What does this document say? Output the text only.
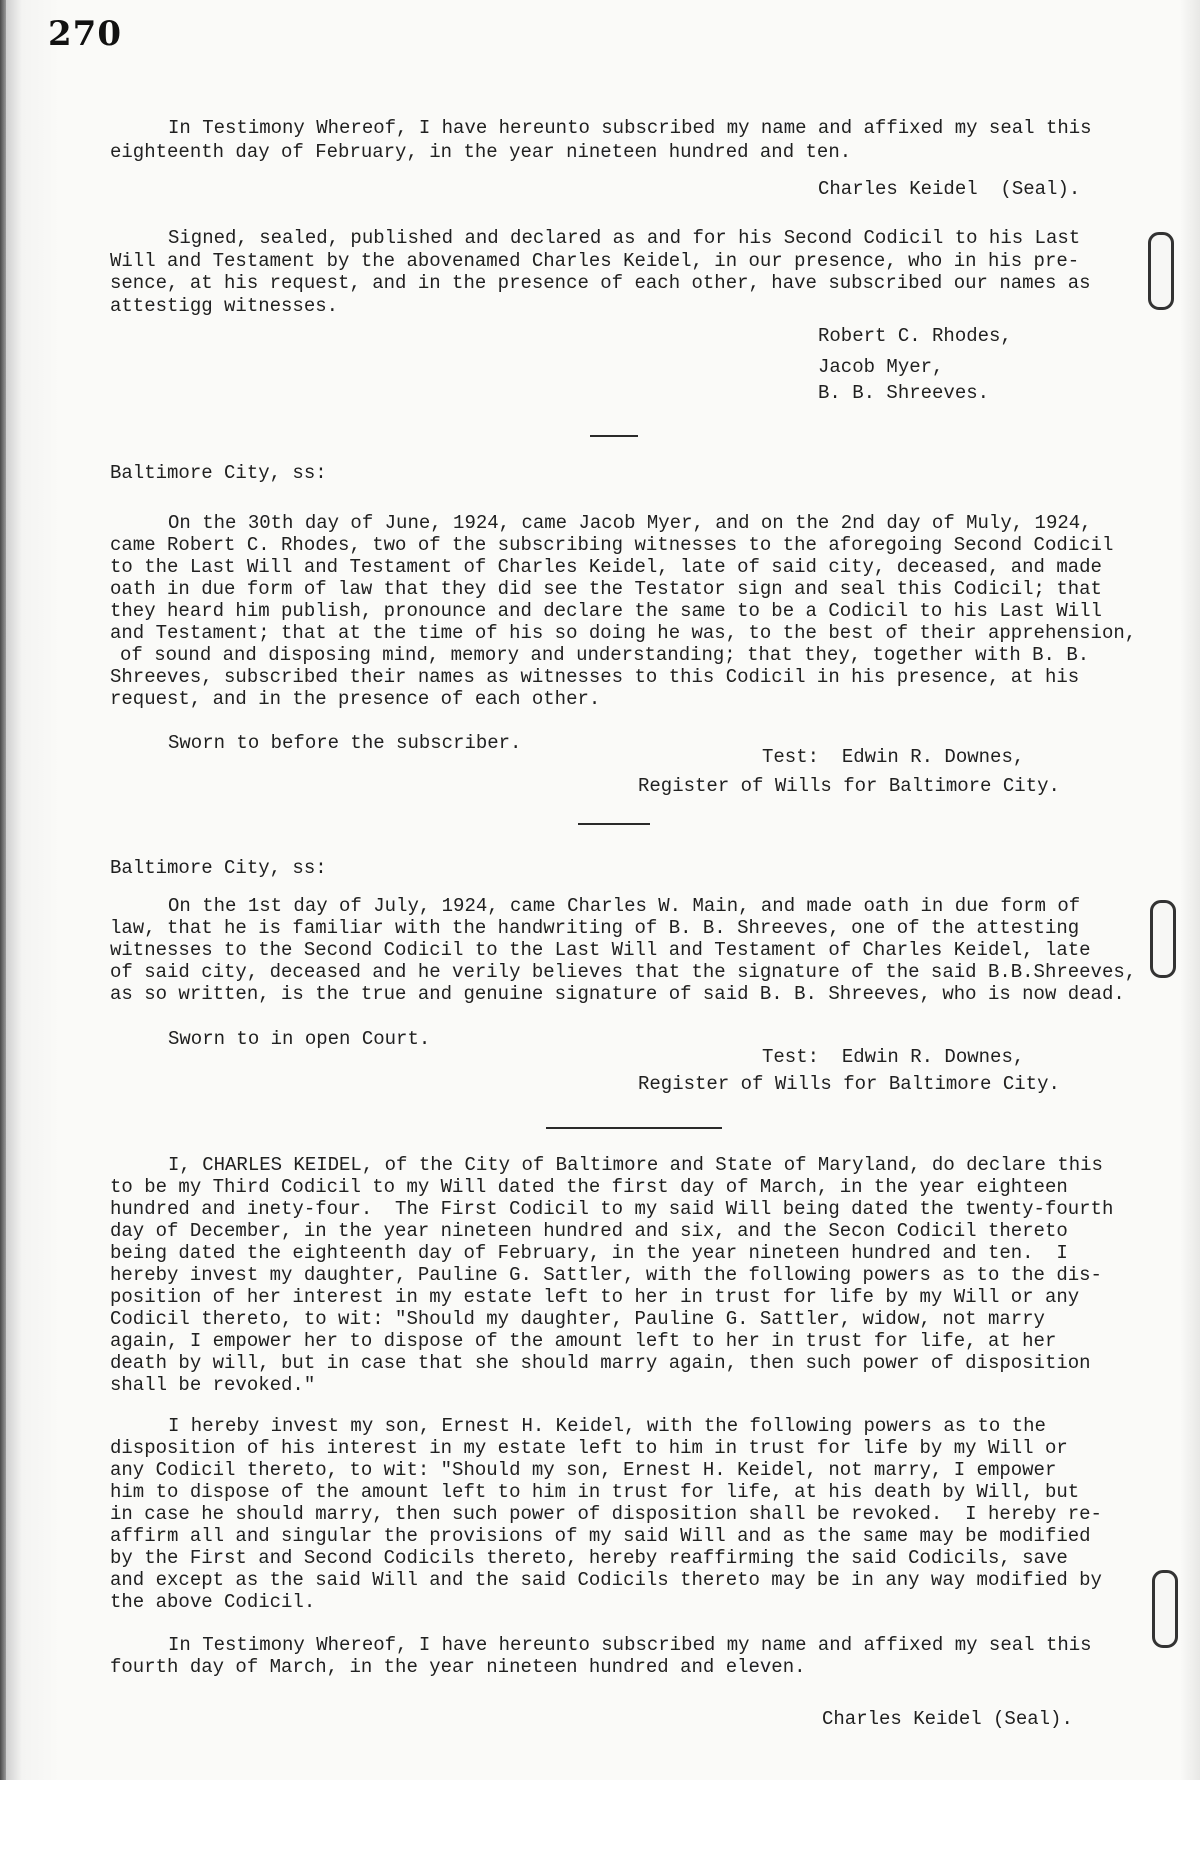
270
In Testimony Whereof, I have hereunto subscribed my name and affixed my seal this
eighteenth day of February, in the year nineteen hundred and ten.
Charles Keidel  (Seal).
Signed, sealed, published and declared as and for his Second Codicil to his Last
Will and Testament by the abovenamed Charles Keidel, in our presence, who in his pre-
sence, at his request, and in the presence of each other, have subscribed our names as
attestigg witnesses.
Robert C. Rhodes,
Jacob Myer,
B. B. Shreeves.
Baltimore City, ss:
On the 30th day of June, 1924, came Jacob Myer, and on the 2nd day of Muly, 1924,
came Robert C. Rhodes, two of the subscribing witnesses to the aforegoing Second Codicil
to the Last Will and Testament of Charles Keidel, late of said city, deceased, and made
oath in due form of law that they did see the Testator sign and seal this Codicil; that
they heard him publish, pronounce and declare the same to be a Codicil to his Last Will
and Testament; that at the time of his so doing he was, to the best of their apprehension,
of sound and disposing mind, memory and understanding; that they, together with B. B.
Shreeves, subscribed their names as witnesses to this Codicil in his presence, at his
request, and in the presence of each other.
Sworn to before the subscriber.
Test:  Edwin R. Downes,
Register of Wills for Baltimore City.
Baltimore City, ss:
On the 1st day of July, 1924, came Charles W. Main, and made oath in due form of
law, that he is familiar with the handwriting of B. B. Shreeves, one of the attesting
witnesses to the Second Codicil to the Last Will and Testament of Charles Keidel, late
of said city, deceased and he verily believes that the signature of the said B.B.Shreeves,
as so written, is the true and genuine signature of said B. B. Shreeves, who is now dead.
Sworn to in open Court.
Test:  Edwin R. Downes,
Register of Wills for Baltimore City.
I, CHARLES KEIDEL, of the City of Baltimore and State of Maryland, do declare this
to be my Third Codicil to my Will dated the first day of March, in the year eighteen
hundred and inety-four.  The First Codicil to my said Will being dated the twenty-fourth
day of December, in the year nineteen hundred and six, and the Secon Codicil thereto
being dated the eighteenth day of February, in the year nineteen hundred and ten.  I
hereby invest my daughter, Pauline G. Sattler, with the following powers as to the dis-
position of her interest in my estate left to her in trust for life by my Will or any
Codicil thereto, to wit: "Should my daughter, Pauline G. Sattler, widow, not marry
again, I empower her to dispose of the amount left to her in trust for life, at her
death by will, but in case that she should marry again, then such power of disposition
shall be revoked."
I hereby invest my son, Ernest H. Keidel, with the following powers as to the
disposition of his interest in my estate left to him in trust for life by my Will or
any Codicil thereto, to wit: "Should my son, Ernest H. Keidel, not marry, I empower
him to dispose of the amount left to him in trust for life, at his death by Will, but
in case he should marry, then such power of disposition shall be revoked.  I hereby re-
affirm all and singular the provisions of my said Will and as the same may be modified
by the First and Second Codicils thereto, hereby reaffirming the said Codicils, save
and except as the said Will and the said Codicils thereto may be in any way modified by
the above Codicil.
In Testimony Whereof, I have hereunto subscribed my name and affixed my seal this
fourth day of March, in the year nineteen hundred and eleven.
Charles Keidel (Seal).
